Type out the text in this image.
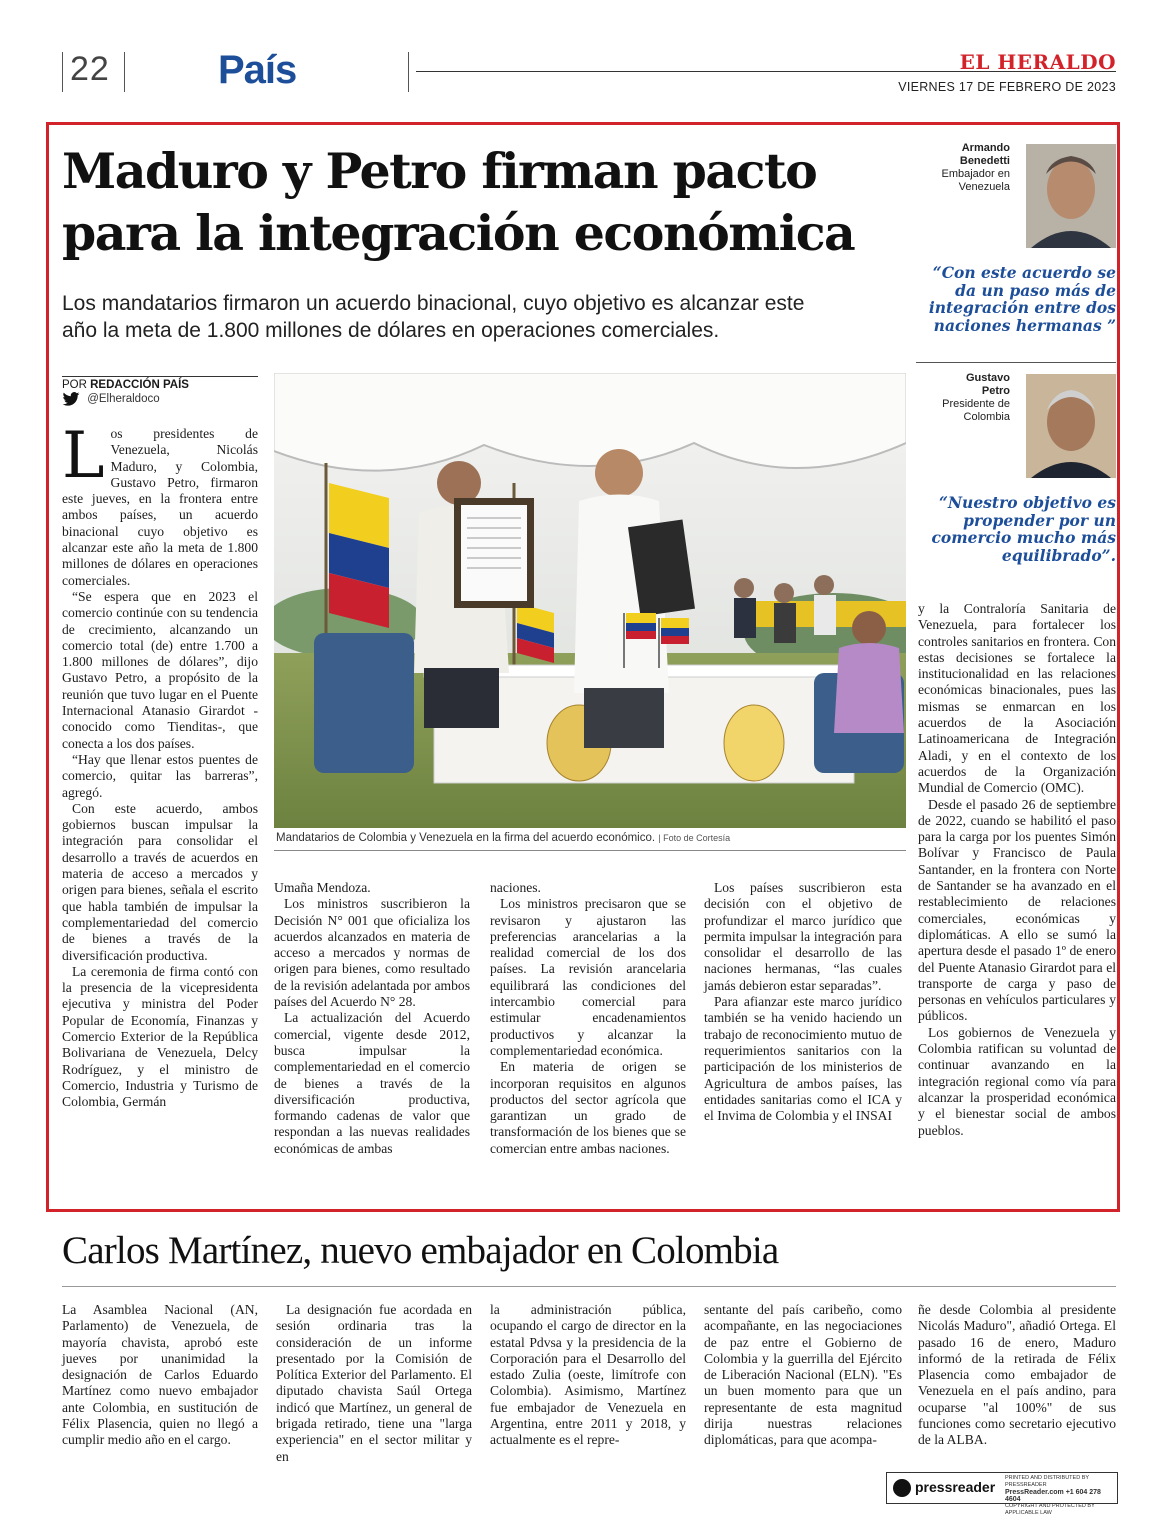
22	País	EL HERALDO
VIERNES 17 DE FEBRERO DE 2023
Maduro y Petro firman pacto
para la integración económica
Los mandatarios firmaron un acuerdo binacional, cuyo objetivo es alcanzar este
año la meta de 1.800 millones de dólares en operaciones comerciales.
POR REDACCIÓN PAÍS
@Elheraldoco

Los presidentes de Venezuela, Nicolás Maduro, y Colombia, Gustavo Petro, firmaron este jueves, en la frontera entre ambos países, un acuerdo binacional cuyo objetivo es alcanzar este año la meta de 1.800 millones de dólares en operaciones comerciales.

“Se espera que en 2023 el comercio continúe con su tendencia de crecimiento, alcanzando un comercio total (de) entre 1.700 a 1.800 millones de dólares”, dijo Gustavo Petro, a propósito de la reunión que tuvo lugar en el Puente Internacional Atanasio Girardot -conocido como Tienditas-, que conecta a los dos países.

“Hay que llenar estos puentes de comercio, quitar las barreras”, agregó.

Con este acuerdo, ambos gobiernos buscan impulsar la integración para consolidar el desarrollo a través de acuerdos en materia de acceso a mercados y origen para bienes, señala el escrito que habla también de impulsar la complementariedad del comercio de bienes a través de la diversificación productiva.

La ceremonia de firma contó con la presencia de la vicepresidenta ejecutiva y ministra del Poder Popular de Economía, Finanzas y Comercio Exterior de la República Bolivariana de Venezuela, Delcy Rodríguez, y el ministro de Comercio, Industria y Turismo de Colombia, Germán

Mandatarios de Colombia y Venezuela en la firma del acuerdo económico. | Foto de Cortesía

Umaña Mendoza.

Los ministros suscribieron la Decisión N° 001 que oficializa los acuerdos alcanzados en materia de acceso a mercados y normas de origen para bienes, como resultado de la revisión adelantada por ambos países del Acuerdo N° 28.

La actualización del Acuerdo comercial, vigente desde 2012, busca impulsar la complementariedad en el comercio de bienes a través de la diversificación productiva, formando cadenas de valor que respondan a las nuevas realidades económicas de ambas

naciones.

Los ministros precisaron que se revisaron y ajustaron las preferencias arancelarias a la realidad comercial de los dos países. La revisión arancelaria equilibrará las condiciones del intercambio comercial para estimular encadenamientos productivos y alcanzar la complementariedad económica.

En materia de origen se incorporan requisitos en algunos productos del sector agrícola que garantizan un grado de transformación de los bienes que se comercian entre ambas naciones.

Los países suscribieron esta decisión con el objetivo de profundizar el marco jurídico que permita impulsar la integración para consolidar el desarrollo de las naciones hermanas, “las cuales jamás debieron estar separadas”.

Para afianzar este marco jurídico también se ha venido haciendo un trabajo de reconocimiento mutuo de requerimientos sanitarios con la participación de los ministerios de Agricultura de ambos países, las entidades sanitarias como el ICA y el Invima de Colombia y el INSAI

y la Contraloría Sanitaria de Venezuela, para fortalecer los controles sanitarios en frontera. Con estas decisiones se fortalece la institucionalidad en las relaciones económicas binacionales, pues las mismas se enmarcan en los acuerdos de la Asociación Latinoamericana de Integración Aladi, y en el contexto de los acuerdos de la Organización Mundial de Comercio (OMC).

Desde el pasado 26 de septiembre de 2022, cuando se habilitó el paso para la carga por los puentes Simón Bolívar y Francisco de Paula Santander, en la frontera con Norte de Santander se ha avanzado en el restablecimiento de relaciones comerciales, económicas y diplomáticas. A ello se sumó la apertura desde el pasado 1º de enero del Puente Atanasio Girardot para el transporte de carga y paso de personas en vehículos particulares y públicos.

Los gobiernos de Venezuela y Colombia ratifican su voluntad de continuar avanzando en la integración regional como vía para alcanzar la prosperidad económica y el bienestar social de ambos pueblos.

Armando
Benedetti
Embajador en
Venezuela
“Con este acuerdo se da un paso más de integración entre dos naciones hermanas ”
Gustavo
Petro
Presidente de
Colombia
“Nuestro objetivo es propender por un comercio mucho más equilibrado”.
Carlos Martínez, nuevo embajador en Colombia

La Asamblea Nacional (AN, Parlamento) de Venezuela, de mayoría chavista, aprobó este jueves por unanimidad la designación de Carlos Eduardo Martínez como nuevo embajador ante Colombia, en sustitución de Félix Plasencia, quien no llegó a cumplir medio año en el cargo.

La designación fue acordada en sesión ordinaria tras la consideración de un informe presentado por la Comisión de Política Exterior del Parlamento. El diputado chavista Saúl Ortega indicó que Martínez, un general de brigada retirado, tiene una "larga experiencia" en el sector militar y en

la administración pública, ocupando el cargo de director en la estatal Pdvsa y la presidencia de la Corporación para el Desarrollo del estado Zulia (oeste, limítrofe con Colombia). Asimismo, Martínez fue embajador de Venezuela en Argentina, entre 2011 y 2018, y actualmente es el repre-

sentante del país caribeño, como acompañante, en las negociaciones de paz entre el Gobierno de Colombia y la guerrilla del Ejército de Liberación Nacional (ELN). "Es un buen momento para que un representante de esta magnitud dirija nuestras relaciones diplomáticas, para que acompa-

ñe desde Colombia al presidente Nicolás Maduro", añadió Ortega. El pasado 16 de enero, Maduro informó de la retirada de Félix Plasencia como embajador de Venezuela en el país andino, para ocuparse "al 100%" de sus funciones como secretario ejecutivo de la ALBA.

pressreader
PRINTED AND DISTRIBUTED BY PRESSREADER
PressReader.com +1 604 278 4604
COPYRIGHT AND PROTECTED BY APPLICABLE LAW
